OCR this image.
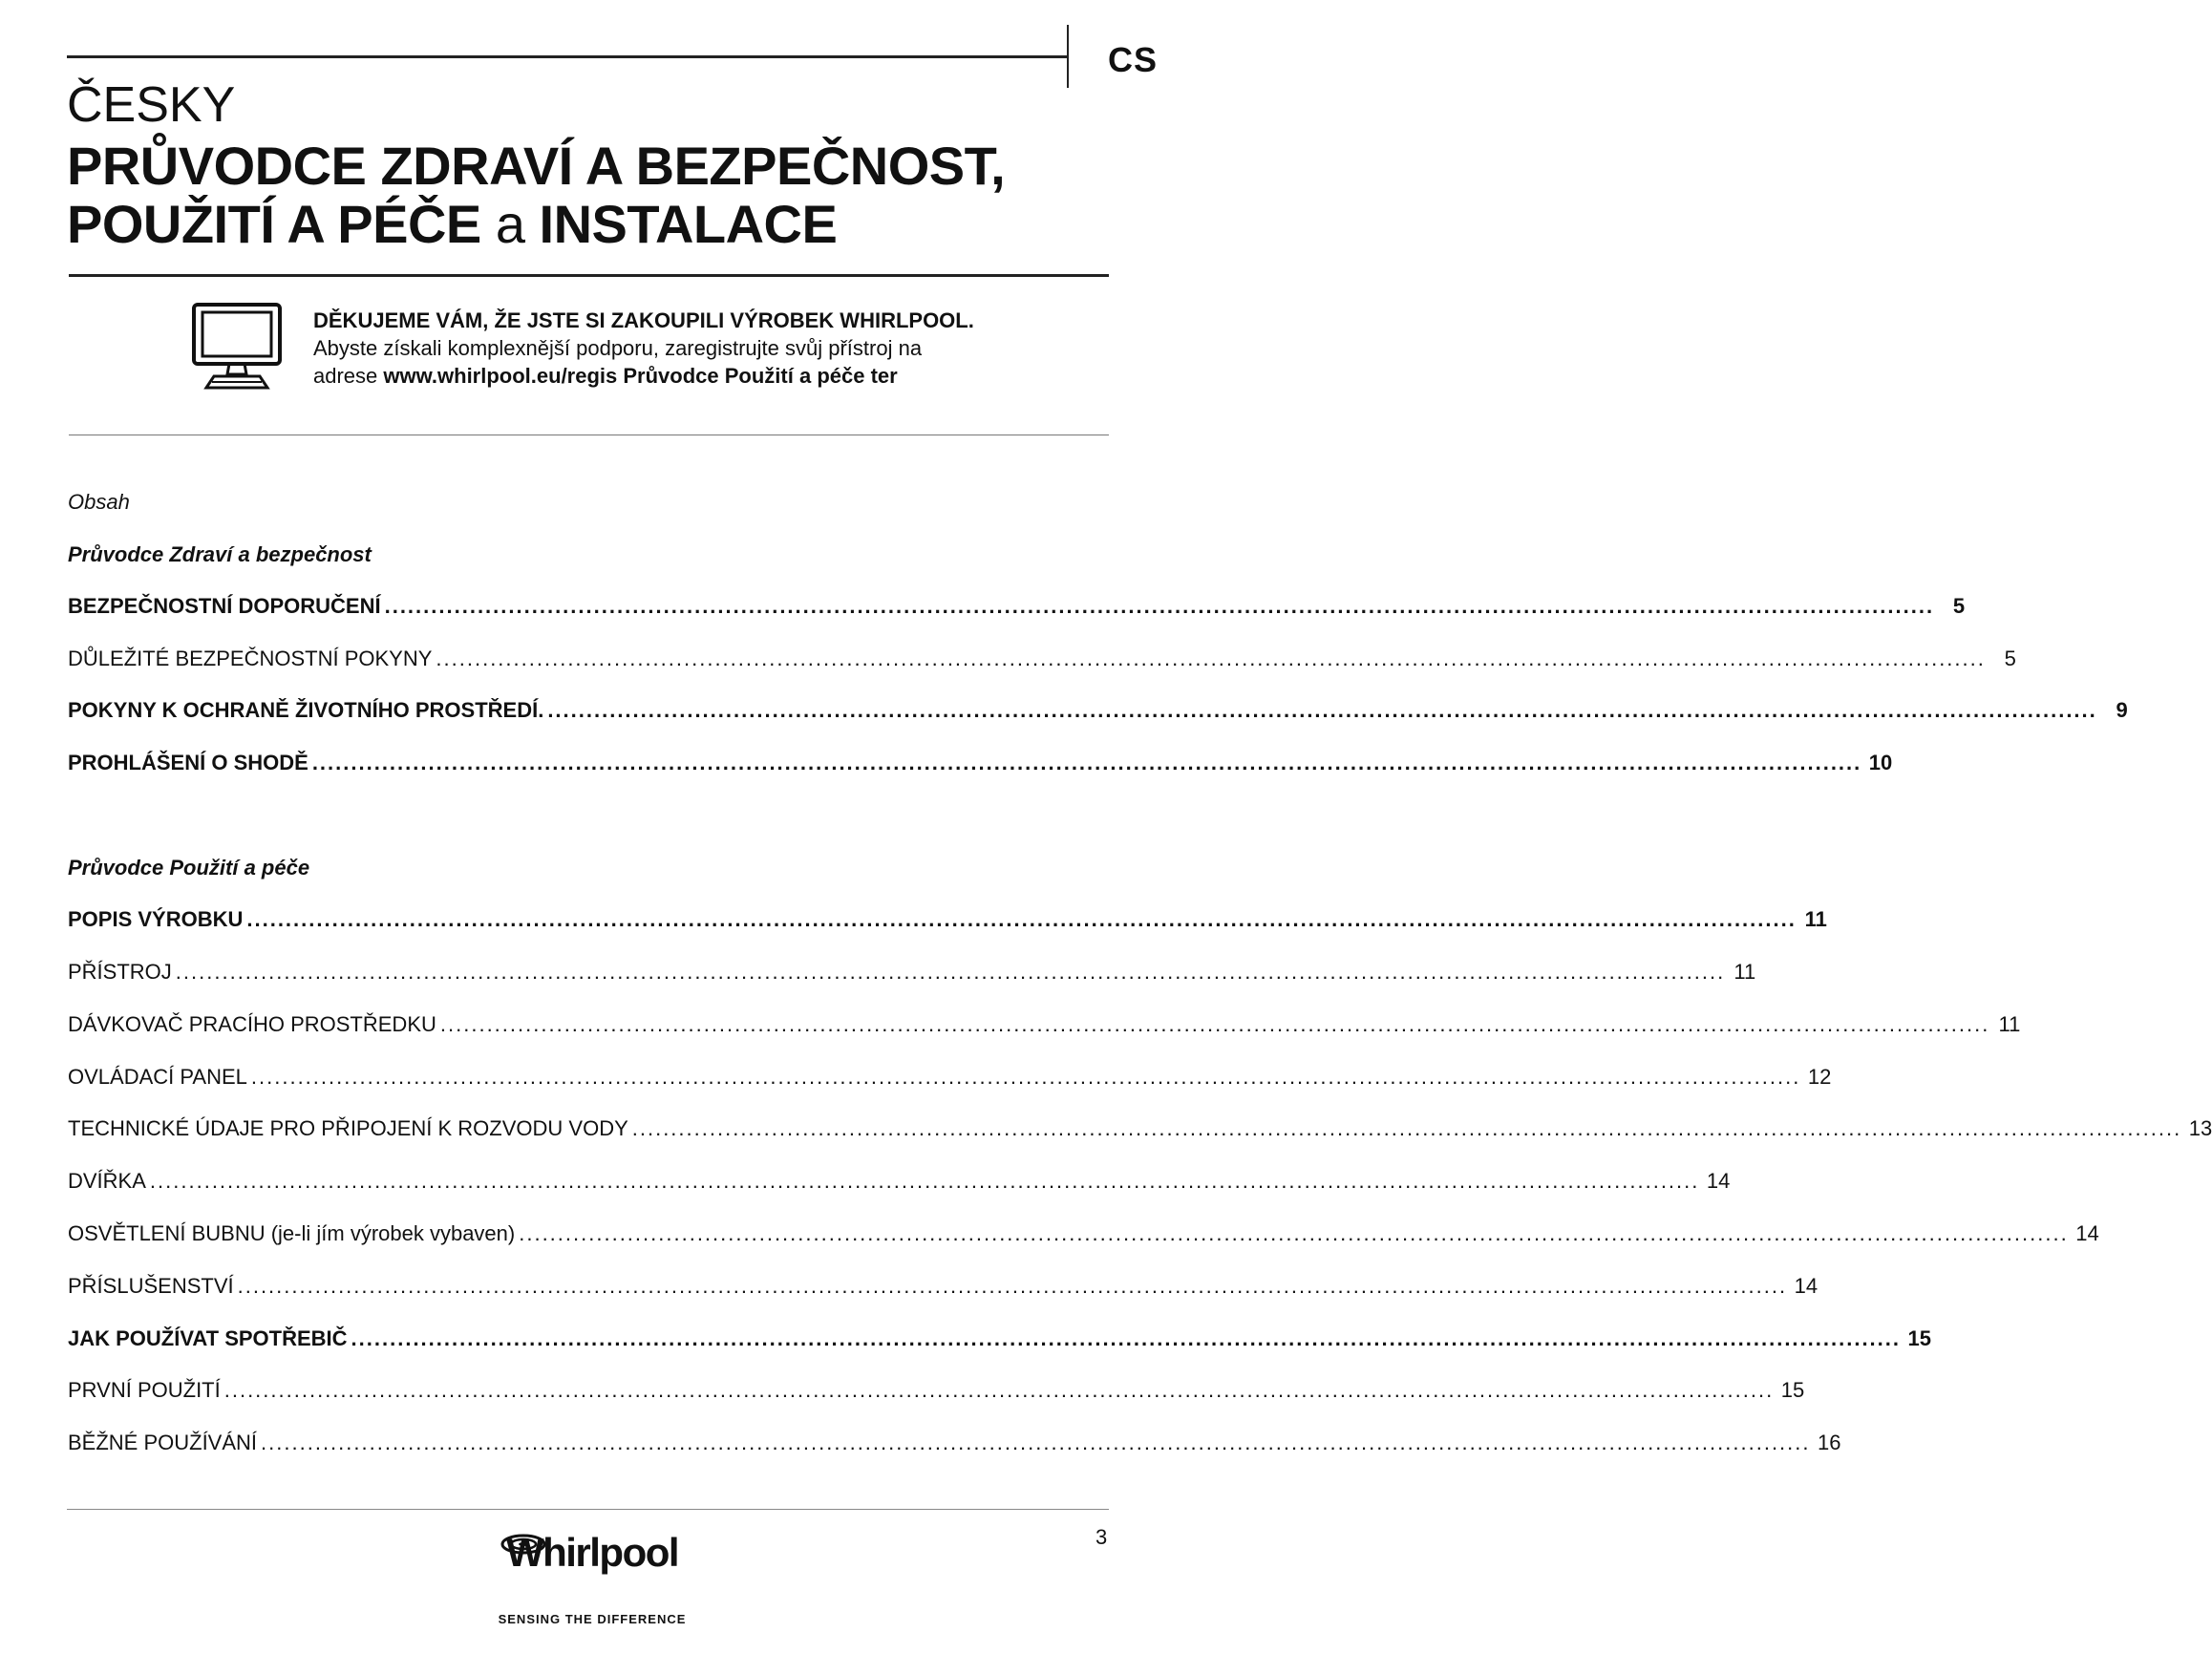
CS
ČESKY
PRŮVODCE ZDRAVÍ A BEZPEČNOST,
POUŽITÍ A PÉČE a INSTALACE
DĚKUJEME VÁM, ŽE JSTE SI ZAKOUPILI VÝROBEK WHIRLPOOL.
Abyste získali komplexnější podporu, zaregistrujte svůj přístroj na
adrese www.whirlpool.eu/regis Průvodce Použití a péče ter
Obsah
Průvodce Zdraví a bezpečnost
BEZPEČNOSTNÍ DOPORUČENÍ ........................................................................................................................................................................................................ 5
DŮLEŽITÉ BEZPEČNOSTNÍ POKYNY ........................................................................................................................................................................................................ 5
POKYNY K OCHRANĚ ŽIVOTNÍHO PROSTŘEDÍ. ........................................................................................................................................................................................................ 9
PROHLÁŠENÍ O SHODĚ ........................................................................................................................................................................................................ 10
Průvodce Použití a péče
POPIS VÝROBKU ........................................................................................................................................................................................................ 11
PŘÍSTROJ ........................................................................................................................................................................................................ 11
DÁVKOVAČ PRACÍHO PROSTŘEDKU ........................................................................................................................................................................................................ 11
OVLÁDACÍ PANEL ........................................................................................................................................................................................................ 12
TECHNICKÉ ÚDAJE PRO PŘIPOJENÍ K ROZVODU VODY ........................................................................................................................................................................................................ 13
DVÍŘKA ........................................................................................................................................................................................................ 14
OSVĚTLENÍ BUBNU (je-li jím výrobek vybaven) ........................................................................................................................................................................................................ 14
PŘÍSLUŠENSTVÍ ........................................................................................................................................................................................................ 14
JAK POUŽÍVAT SPOTŘEBIČ ........................................................................................................................................................................................................ 15
PRVNÍ POUŽITÍ ........................................................................................................................................................................................................ 15
BĚŽNÉ POUŽÍVÁNÍ ........................................................................................................................................................................................................ 16
3
Whirlpool
SENSING THE DIFFERENCE
